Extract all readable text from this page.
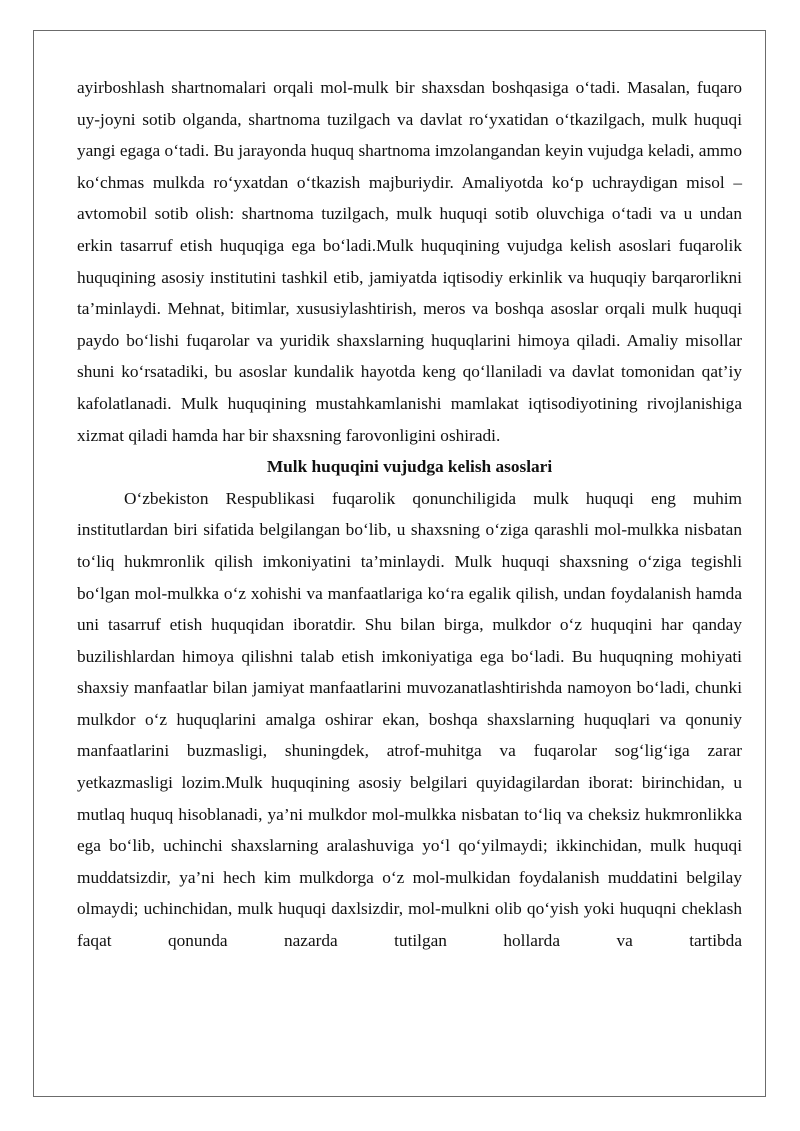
ayirboshlash shartnomalari orqali mol-mulk bir shaxsdan boshqasiga o‘tadi. Masalan, fuqaro uy-joyni sotib olganda, shartnoma tuzilgach va davlat ro‘yxatidan o‘tkazilgach, mulk huquqi yangi egaga o‘tadi. Bu jarayonda huquq shartnoma imzolangandan keyin vujudga keladi, ammo ko‘chmas mulkda ro‘yxatdan o‘tkazish majburiydir. Amaliyotda ko‘p uchraydigan misol – avtomobil sotib olish: shartnoma tuzilgach, mulk huquqi sotib oluvchiga o‘tadi va u undan erkin tasarruf etish huquqiga ega bo‘ladi.Mulk huquqining vujudga kelish asoslari fuqarolik huquqining asosiy institutini tashkil etib, jamiyatda iqtisodiy erkinlik va huquqiy barqarorlikni ta’minlaydi. Mehnat, bitimlar, xususiylashtirish, meros va boshqa asoslar orqali mulk huquqi paydo bo‘lishi fuqarolar va yuridik shaxslarning huquqlarini himoya qiladi. Amaliy misollar shuni ko‘rsatadiki, bu asoslar kundalik hayotda keng qo‘llaniladi va davlat tomonidan qat’iy kafolatlanadi. Mulk huquqining mustahkamlanishi mamlakat iqtisodiyotining rivojlanishiga xizmat qiladi hamda har bir shaxsning farovonligini oshiradi.

Mulk huquqini vujudga kelish asoslari

O‘zbekiston Respublikasi fuqarolik qonunchiligida mulk huquqi eng muhim institutlardan biri sifatida belgilangan bo‘lib, u shaxsning o‘ziga qarashli mol-mulkka nisbatan to‘liq hukmronlik qilish imkoniyatini ta’minlaydi. Mulk huquqi shaxsning o‘ziga tegishli bo‘lgan mol-mulkka o‘z xohishi va manfaatlariga ko‘ra egalik qilish, undan foydalanish hamda uni tasarruf etish huquqidan iboratdir. Shu bilan birga, mulkdor o‘z huquqini har qanday buzilishlardan himoya qilishni talab etish imkoniyatiga ega bo‘ladi. Bu huquqning mohiyati shaxsiy manfaatlar bilan jamiyat manfaatlarini muvozanatlashtirishda namoyon bo‘ladi, chunki mulkdor o‘z huquqlarini amalga oshirar ekan, boshqa shaxslarning huquqlari va qonuniy manfaatlarini buzmasligi, shuningdek, atrof-muhitga va fuqarolar sog‘lig‘iga zarar yetkazmasligi lozim.Mulk huquqining asosiy belgilari quyidagilardan iborat: birinchidan, u mutlaq huquq hisoblanadi, ya’ni mulkdor mol-mulkka nisbatan to‘liq va cheksiz hukmronlikka ega bo‘lib, uchinchi shaxslarning aralashuviga yo‘l qo‘yilmaydi; ikkinchidan, mulk huquqi muddatsizdir, ya’ni hech kim mulkdorga o‘z mol-mulkidan foydalanish muddatini belgilay olmaydi; uchinchidan, mulk huquqi daxlsizdir, mol-mulkni olib qo‘yish yoki huquqni cheklash faqat qonunda nazarda tutilgan hollarda va tartibda
